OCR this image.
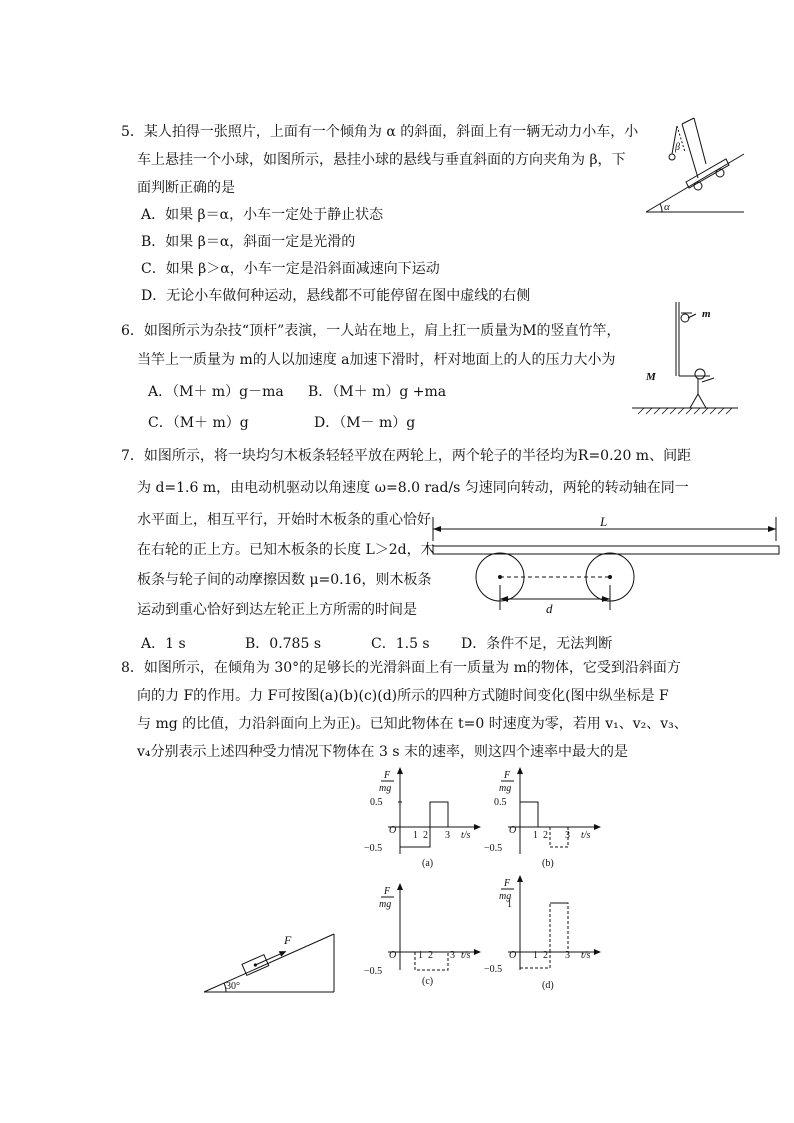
5．某人拍得一张照片，上面有一个倾角为 α 的斜面，斜面上有一辆无动力小车，小
车上悬挂一个小球，如图所示，悬挂小球的悬线与垂直斜面的方向夹角为 β，下
面判断正确的是
A．如果 β＝α，小车一定处于静止状态
B．如果 β＝α，斜面一定是光滑的
C．如果 β＞α，小车一定是沿斜面减速向下运动
D．无论小车做何种运动，悬线都不可能停留在图中虚线的右侧
α
β
6．如图所示为杂技“顶杆”表演，一人站在地上，肩上扛一质量为M的竖直竹竿，
当竿上一质量为 m的人以加速度 a加速下滑时，杆对地面上的人的压力大小为
A．（M＋ m）g－ma B．（M＋ m）g +ma
C．（M＋ m）g	D．（M－ m）g
m
M
7．如图所示，将一块均匀木板条轻轻平放在两轮上，两个轮子的半径均为R=0.20 m、间距
为 d=1.6 m，由电动机驱动以角速度 ω=8.0 rad/s 匀速同向转动，两轮的转动轴在同一
水平面上，相互平行，开始时木板条的重心恰好
在右轮的正上方。已知木板条的长度 L＞2d，木
板条与轮子间的动摩擦因数 μ=0.16，则木板条
运动到重心恰好到达左轮正上方所需的时间是
A．1 s	B．0.785 s	C．1.5 s D．条件不足，无法判断
L
d
8．如图所示，在倾角为 30°的足够长的光滑斜面上有一质量为 m的物体，它受到沿斜面方
向的力 F的作用。力 F可按图(a)(b)(c)(d)所示的四种方式随时间变化(图中纵坐标是 F
与 mg 的比值，力沿斜面向上为正)。已知此物体在 t=0 时速度为零，若用 v₁、v₂、v₃、
v₄分别表示上述四种受力情况下物体在 3 s 末的速率，则这四个速率中最大的是
30°
F
F
mg
O
0.5
−0.5
1 2 3 t/s
(a)
F
mg
O
0.5
−0.5
1 2 3 t/s
(b)
F
mg
O
−0.5
1 2 3 t/s
(c)
F
mg
O
1
−0.5
1 2 3 t/s
(d)
